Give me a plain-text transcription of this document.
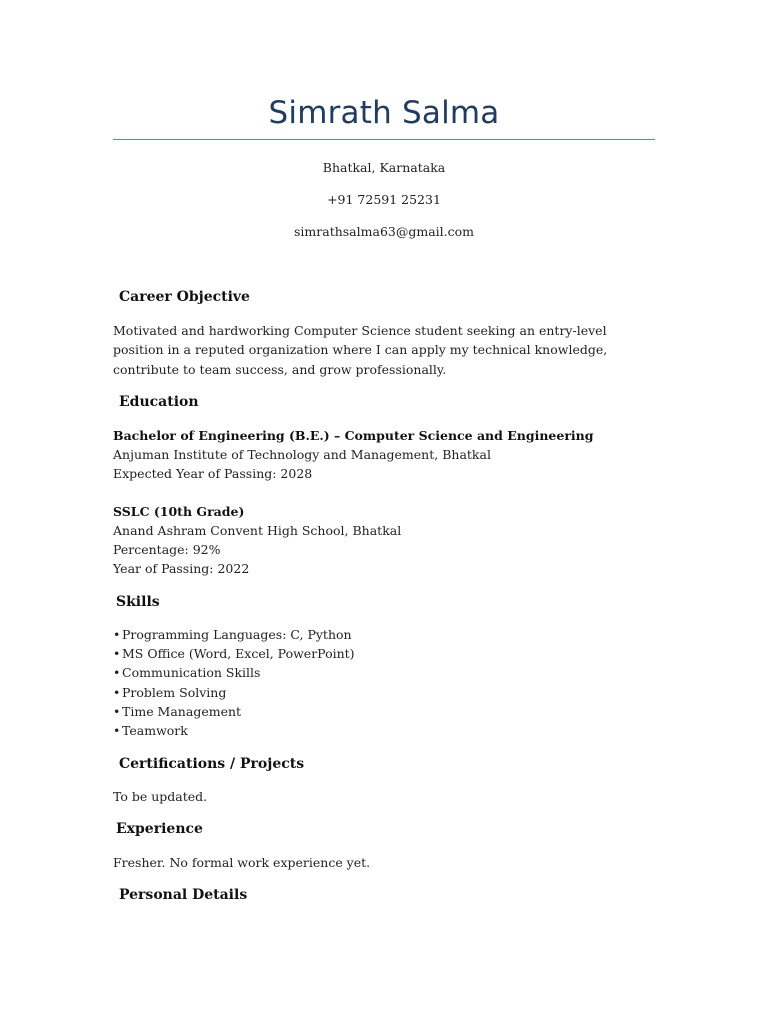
Simrath Salma

Bhatkal, Karnataka

+91 72591 25231

simrathsalma63@gmail.com

Career Objective

Motivated and hardworking Computer Science student seeking an entry-level position in a reputed organization where I can apply my technical knowledge, contribute to team success, and grow professionally.

Education

Bachelor of Engineering (B.E.) – Computer Science and Engineering

Anjuman Institute of Technology and Management, Bhatkal

Expected Year of Passing: 2028

SSLC (10th Grade)

Anand Ashram Convent High School, Bhatkal

Percentage: 92%

Year of Passing: 2022

Skills
• Programming Languages: C, Python
• MS Office (Word, Excel, PowerPoint)
• Communication Skills
• Problem Solving
• Time Management
• Teamwork
Certifications / Projects

To be updated.

Experience

Fresher. No formal work experience yet.

Personal Details
